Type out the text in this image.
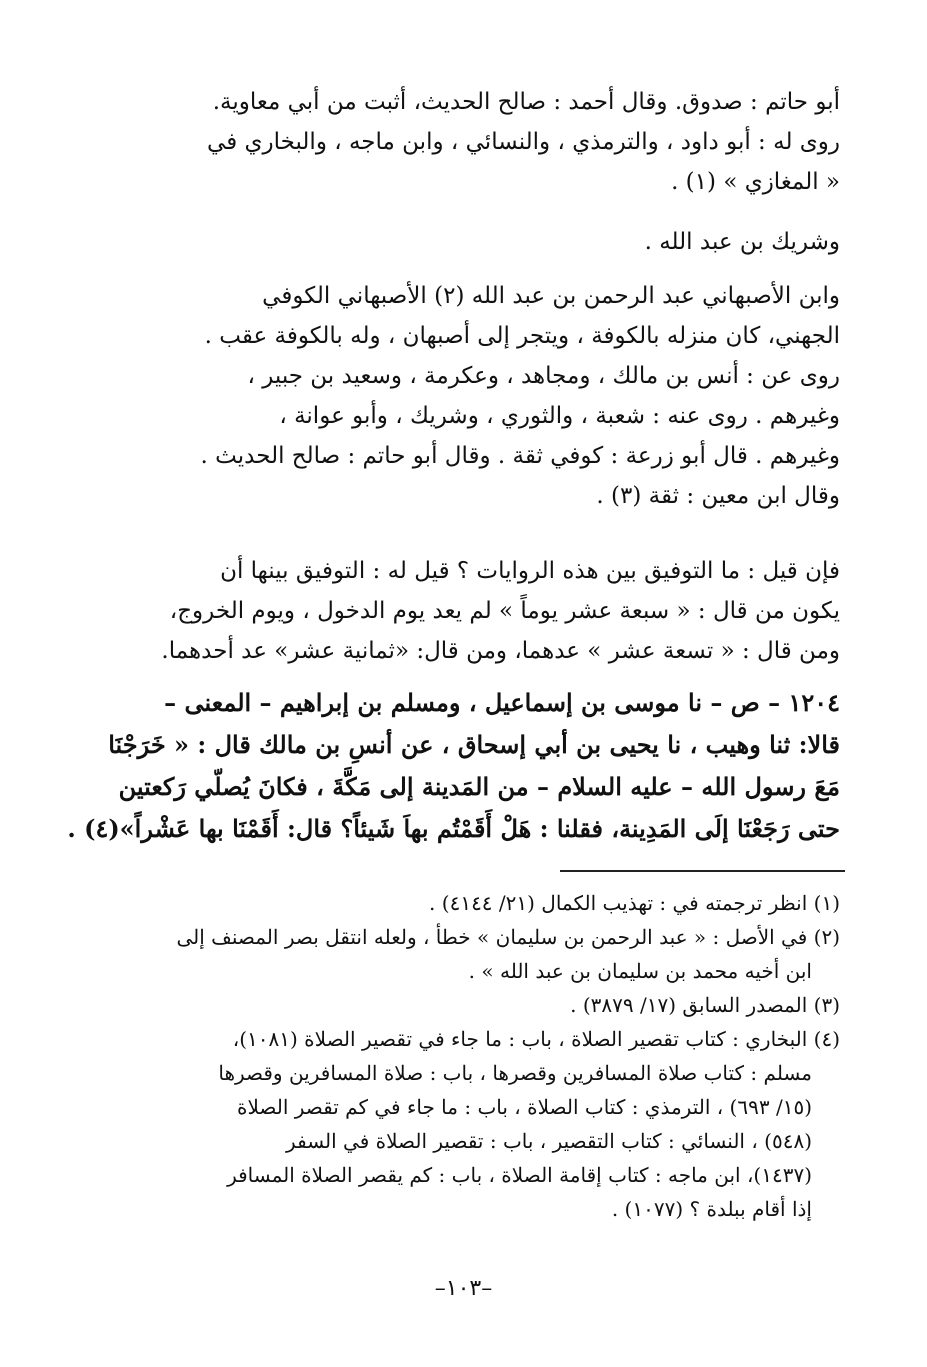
أبو حاتم : صدوق. وقال أحمد : صالح الحديث، أثبت من أبي معاوية.
روى له : أبو داود ، والترمذي ، والنسائي ، وابن ماجه ، والبخاري في
« المغازي » (١) .
وشريك بن عبد الله .
وابن الأصبهاني عبد الرحمن بن عبد الله (٢) الأصبهاني الكوفي
الجهني، كان منزله بالكوفة ، ويتجر إلى أصبهان ، وله بالكوفة عقب .
روى عن : أنس بن مالك ، ومجاهد ، وعكرمة ، وسعيد بن جبير ،
وغيرهم . روى عنه : شعبة ، والثوري ، وشريك ، وأبو عوانة ،
وغيرهم . قال أبو زرعة : كوفي ثقة . وقال أبو حاتم : صالح الحديث .
وقال ابن معين : ثقة (٣) .
فإن قيل : ما التوفيق بين هذه الروايات ؟ قيل له : التوفيق بينها أن
يكون من قال : « سبعة عشر يوماً » لم يعد يوم الدخول ، ويوم الخروج،
ومن قال : « تسعة عشر » عدهما، ومن قال: «ثمانية عشر» عد أحدهما.
١٢٠٤ – ص – نا موسى بن إسماعيل ، ومسلم بن إبراهيم – المعنى –
قالا: ثنا وهيب ، نا يحيى بن أبي إسحاق ، عن أنسِ بن مالك قال : « خَرَجْنَا
مَعَ رسول الله – عليه السلام – من المَدينة إلى مَكَّةَ ، فكانَ يُصلّي رَكعتين
حتى رَجَعْنَا إلَى المَدِينة، فقلنا : هَلْ أَقَمْتُم بهاَ شَيئاً؟ قال: أَقَمْنَا بها عَشْراً»(٤) .
(١) انظر ترجمته في : تهذيب الكمال (٢١/ ٤١٤٤) .
(٢) في الأصل : « عبد الرحمن بن سليمان » خطأ ، ولعله انتقل بصر المصنف إلى
ابن أخيه محمد بن سليمان بن عبد الله » .
(٣) المصدر السابق (١٧/ ٣٨٧٩) .
(٤) البخاري : كتاب تقصير الصلاة ، باب : ما جاء في تقصير الصلاة (١٠٨١)،
مسلم : كتاب صلاة المسافرين وقصرها ، باب : صلاة المسافرين وقصرها
(١٥/ ٦٩٣) ، الترمذي : كتاب الصلاة ، باب : ما جاء في كم تقصر الصلاة
(٥٤٨) ، النسائي : كتاب التقصير ، باب : تقصير الصلاة في السفر
(١٤٣٧)، ابن ماجه : كتاب إقامة الصلاة ، باب : كم يقصر الصلاة المسافر
إذا أقام ببلدة ؟ (١٠٧٧) .
–١٠٣–
